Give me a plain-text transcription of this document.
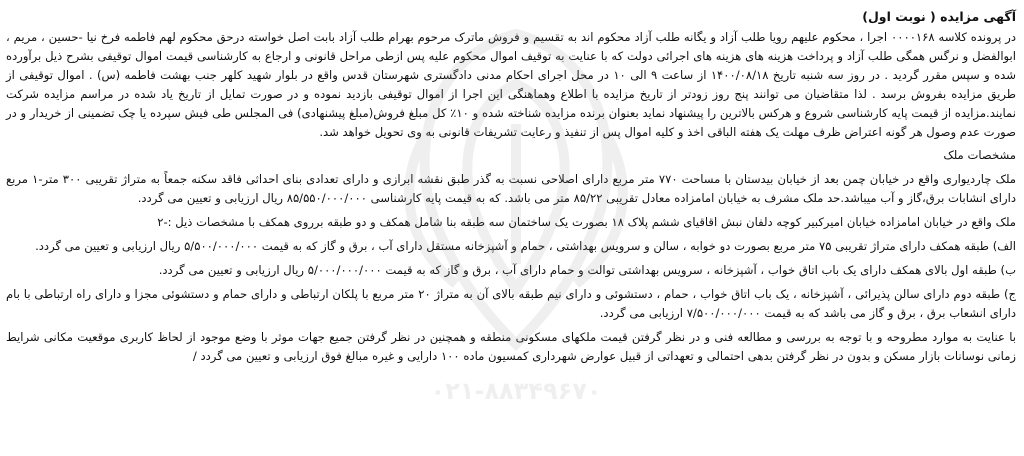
۰۲۱-۸۸۳۴۹۶۷۰

آگهی مزایده ( نوبت اول)

در پرونده کلاسه ۰۰۰۰۱۶۸ اجرا ، محکوم علیهم رویا طلب آزاد و یگانه طلب آزاد محکوم اند به تقسیم و فروش ماترک مرحوم بهرام طلب آزاد بابت اصل خواسته درحق محکوم لهم فاطمه فرخ نیا -حسین ، مریم ، ابوالفضل و نرگس همگی طلب آزاد و پرداخت هزینه های هزینه های اجرائی دولت که با عنایت به توقیف اموال محکوم علیه پس ازطی مراحل قانونی و ارجاع به کارشناسی قیمت اموال توقیفی بشرح ذیل برآورده شده و سپس مقرر گردید . در روز سه شنبه تاریخ ۱۴۰۰/۰۸/۱۸ از ساعت ۹ الی ۱۰ در محل اجرای احکام مدنی دادگستری شهرستان قدس واقع در بلوار شهید کلهر جنب بهشت فاطمه (س) . اموال توقیفی از طریق مزایده بفروش برسد . لذا متقاضیان می توانند پنج روز زودتر از تاریخ مزایده با اطلاع وهماهنگی این اجرا از اموال توقیفی بازدید نموده و در صورت تمایل از تاریخ یاد شده در مراسم مزایده شرکت نمایند.مزایده از قیمت پایه کارشناسی شروع و هرکس بالاترین را پیشنهاد نماید بعنوان برنده مزایده شناخته شده و ۱۰٪ کل مبلغ فروش(مبلغ پیشنهادی) فی المجلس طی فیش سپرده یا چک تضمینی از خریدار و در صورت عدم وصول هر گونه اعتراض ظرف مهلت یک هفته الباقی اخذ و کلیه اموال پس از تنفیذ و رعایت تشریفات قانونی به وی تحویل خواهد شد.

مشخصات ملک

ملک چاردیواری واقع در خیابان چمن بعد از خیابان بیدستان با مساحت ۷۷۰ متر مربع دارای اصلاحی نسبت به گذر طبق نقشه ابرازی و دارای تعدادی بنای احداثی فاقد سکنه جمعاً به متراژ تقریبی ۳۰۰ متر-۱ مربع دارای انشابات برق،گاز و آب میباشد.حد ملک مشرف به خیابان امامزاده معادل تقریبی ۸۵/۲۲ متر می باشد. که به قیمت پایه کارشناسی ۸۵/۵۵۰/۰۰۰/۰۰۰ ریال ارزیابی و تعیین می گردد.

ملک واقع در خیابان امامزاده خیابان امیرکبیر کوچه دلفان نبش اقاقیای ششم پلاک ۱۸ بصورت یک ساختمان سه طبقه بنا شامل همکف و دو طبقه برروی همکف با مشخصات ذیل :-۲

الف) طبقه همکف دارای متراژ تقریبی ۷۵ متر مربع بصورت دو خوابه ، سالن و سرویس بهداشتی ، حمام و آشپزخانه مستقل دارای آب ، برق و گاز که به قیمت ۵/۵۰۰/۰۰۰/۰۰۰ ریال ارزیابی و تعیین می گردد.

ب) طبقه اول بالای همکف دارای یک باب اتاق خواب ، آشپزخانه ، سرویس بهداشتی توالت و حمام دارای آب ، برق و گاز که به قیمت ۵/۰۰۰/۰۰۰/۰۰۰ ریال ارزیابی و تعیین می گردد.

ج) طبقه دوم دارای سالن پذیرائی ، آشپزخانه ، یک باب اتاق خواب ، حمام ، دستشوئی و دارای نیم طبقه بالای آن به متراژ ۲۰ متر مربع با پلکان ارتباطی و دارای حمام و دستشوئی مجزا و دارای راه ارتباطی با بام دارای انشعاب برق ، برق و گاز می باشد که به قیمت ۷/۵۰۰/۰۰۰/۰۰۰ ارزیابی می گردد.

با عنایت به موارد مطروحه و با توجه به بررسی و مطالعه فنی و در نظر گرفتن قیمت ملکهای مسکونی منطقه و همچنین در نظر گرفتن جمیع جهات موثر با وضع موجود از لحاظ کاربری موقعیت مکانی شرایط زمانی نوسانات بازار مسکن و بدون در نظر گرفتن بدهی احتمالی و تعهداتی از قبیل عوارض شهرداری کمسیون ماده ۱۰۰ دارایی و غیره مبالغ فوق ارزیابی و تعیین می گردد /
